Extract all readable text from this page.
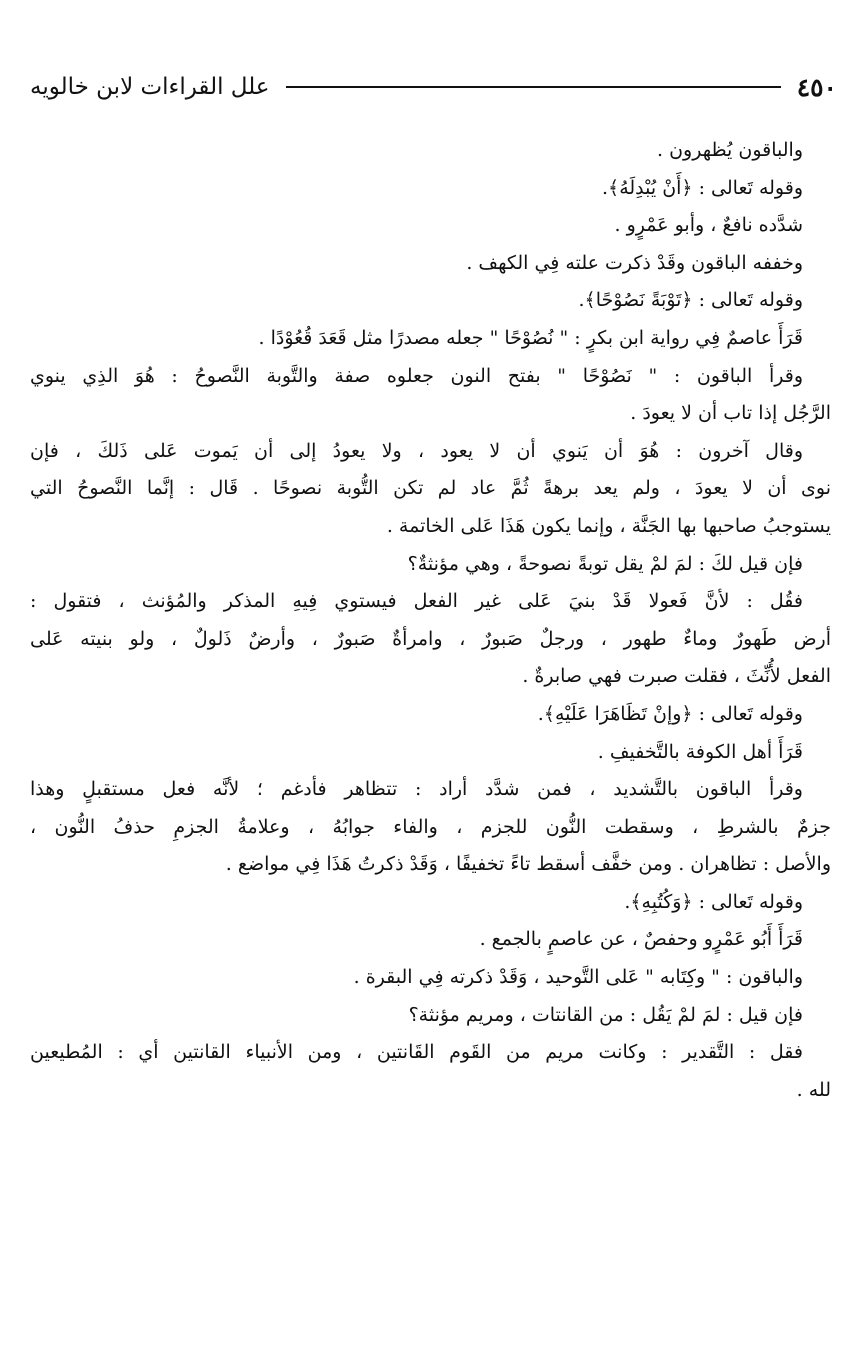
علل القراءات لابن خالويه	٤٥٠
والباقون يُظهرون .
وقوله تَعالى : ﴿أَنْ يُبْدِلَهُ﴾.
شدَّده نافعٌ ، وأبو عَمْرٍو .
وخففه الباقون وقَدْ ذكرت علته فِي الكهف .
وقوله تَعالى : ﴿تَوْبَةً نَصُوْحًا﴾.
قَرَأَ عاصمٌ فِي رواية ابن بكرٍ : " نُصُوْحًا " جعله مصدرًا مثل قَعَدَ قُعُوْدًا .
وقرأ الباقون : " نَصُوْحًا " بفتح النون جعلوه صفة والتَّوبة النَّصوحُ : هُوَ الذِي ينوي
الرَّجُل إذا تاب أن لا يعودَ .
وقال آخرون : هُوَ أن يَنوي أن لا يعود ، ولا يعودُ إلى أن يَموت عَلى ذَلكَ ، فإن
نوى أن لا يعودَ ، ولم يعد برهةً ثُمَّ عاد لم تكن التُّوبة نصوحًا . قَال : إنَّما النَّصوحُ التي
يستوجبُ صاحبها بها الجَنَّة ، وإنما يكون هَذَا عَلى الخاتمة .
فإن قيل لكَ : لمَ لمْ يقل توبةً نصوحةً ، وهي مؤنثةٌ؟
فقُل : لأنَّ فَعولا قَدْ بنيَ عَلى غير الفعل فيستوي فِيهِ المذكر والمُؤنث ، فتقول :
أرض طَهورٌ وماءٌ طهور ، ورجلٌ صَبورٌ ، وامرأةٌ صَبورٌ ، وأرضٌ ذَلولٌ ، ولو بنيته عَلى
الفعل لأُنِّثَ ، فقلت صبرت فهي صابرةٌ .
وقوله تَعالى : ﴿وإنْ تَظَاهَرَا عَلَيْهِ﴾.
قَرَأَ أهل الكوفة بالتَّخفيفِ .
وقرأ الباقون بالتَّشديد ، فمن شدَّد أراد : تتظاهر فأدغم ؛ لأنَّه فعل مستقبلٍ وهذا
جزمٌ بالشرطِ ، وسقطت النُّون للجزم ، والفاء جوابُهُ ، وعلامةُ الجزمِ حذفُ النُّون ،
والأصل : تظاهران . ومن خفَّف أسقط تاءً تخفيفًا ، وَقَدْ ذكرتُ هَذَا فِي مواضع .
وقوله تَعالى : ﴿وَكُتُبِهِ﴾.
قَرَأَ أَبُو عَمْرٍو وحفصٌ ، عن عاصمٍ بالجمع .
والباقون : " وكِتَابه " عَلى التَّوحيد ، وَقَدْ ذكرته فِي البقرة .
فإن قيل : لمَ لمْ يَقُل : من القانتات ، ومريم مؤنثة؟
فقل : التَّقدير : وكانت مريم من القَوم القَانتين ، ومن الأنبياء القانتين أي : المُطيعين
لله .
